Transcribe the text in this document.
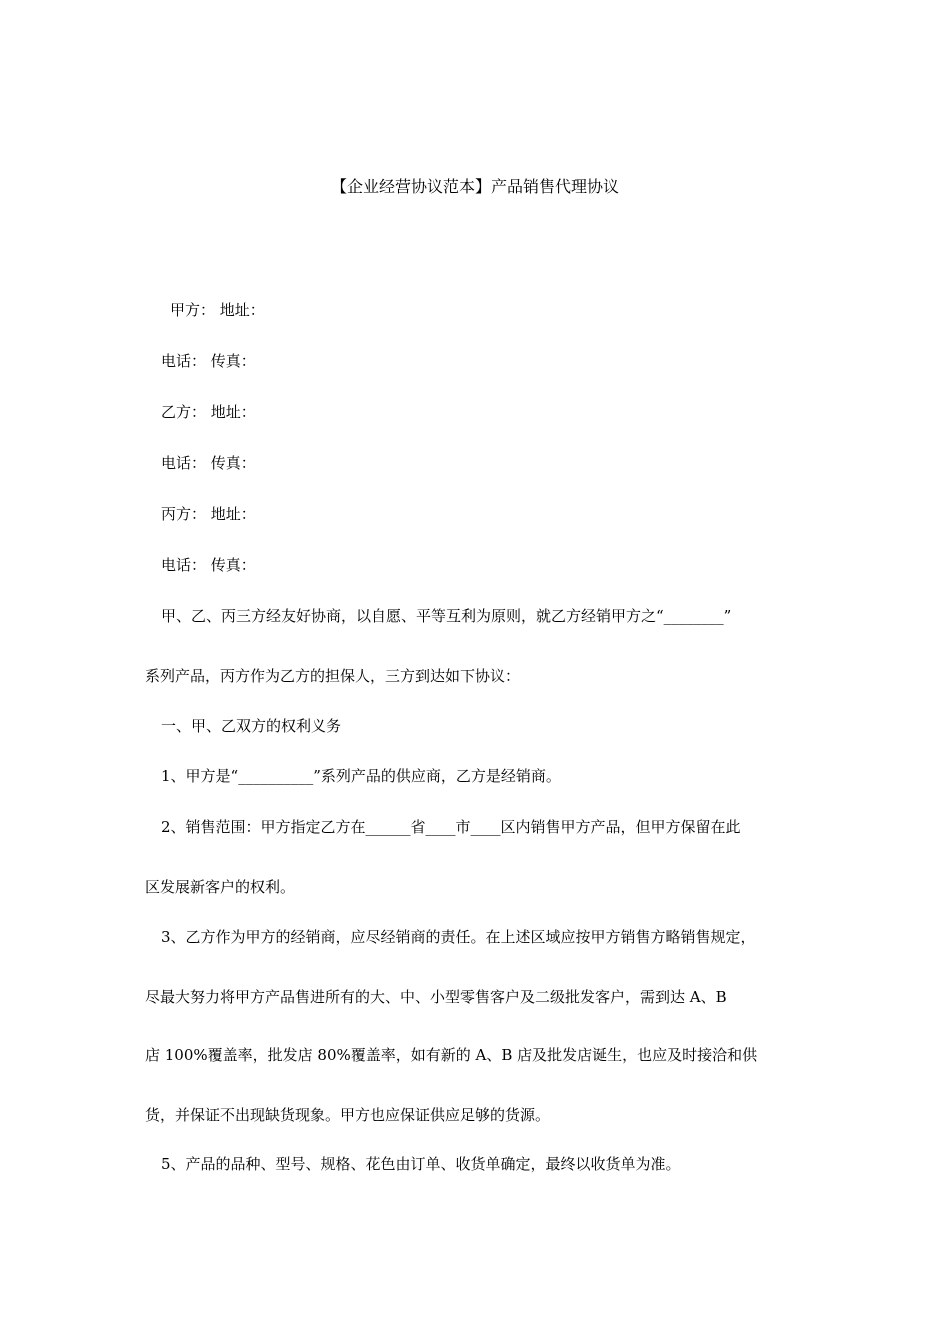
【企业经营协议范本】产品销售代理协议
甲方： 地址：
电话： 传真：
乙方： 地址：
电话： 传真：
丙方： 地址：
电话： 传真：
甲、乙、丙三方经友好协商，以自愿、平等互利为原则，就乙方经销甲方之“________”
系列产品，丙方作为乙方的担保人，三方到达如下协议：
一、甲、乙双方的权利义务
1、甲方是“__________”系列产品的供应商，乙方是经销商。
2、销售范围：甲方指定乙方在______省____市____区内销售甲方产品，但甲方保留在此
区发展新客户的权利。
3、乙方作为甲方的经销商，应尽经销商的责任。在上述区域应按甲方销售方略销售规定，
尽最大努力将甲方产品售进所有的大、中、小型零售客户及二级批发客户，需到达 A、B
店 100%覆盖率，批发店 80%覆盖率，如有新的 A、B 店及批发店诞生，也应及时接洽和供
货，并保证不出现缺货现象。甲方也应保证供应足够的货源。
5、产品的品种、型号、规格、花色由订单、收货单确定，最终以收货单为准。
